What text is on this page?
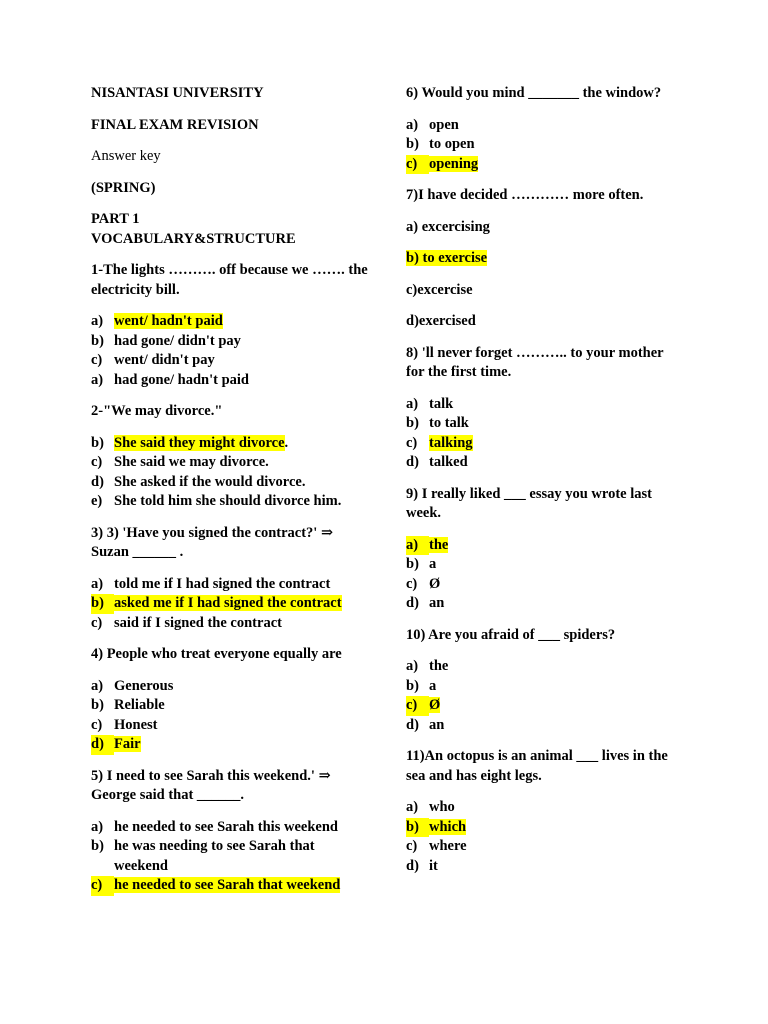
NISANTASI UNIVERSITY
FINAL EXAM REVISION
Answer key
(SPRING)
PART 1
VOCABULARY&STRUCTURE
1-The lights ………. off because we ……. the electricity bill.
a) went/ hadn't paid
b) had gone/ didn't pay
c) went/ didn't pay
a) had gone/ hadn't paid
2-"We may divorce."
b) She said they might divorce.
c) She said we may divorce.
d) She asked if the would divorce.
e) She told him she should divorce him.
3) 3) 'Have you signed the contract?' ⇒ Suzan ______ .
a) told me if I had signed the contract
b) asked me if I had signed the contract
c) said if I signed the contract
4) People who treat everyone equally are
a) Generous
b) Reliable
c) Honest
d) Fair
5) I need to see Sarah this weekend.' ⇒ George said that ______.
a) he needed to see Sarah this weekend
b) he was needing to see Sarah that weekend
c) he needed to see Sarah that weekend
6) Would you mind _______ the window?
a) open
b) to open
c) opening
7)I have decided ………… more often.
a) excercising
b) to exercise
c)excercise
d)exercised
8) 'll never forget ……….. to your mother for the first time.
a) talk
b) to talk
c) talking
d) talked
9) I really liked ___ essay you wrote last week.
a) the
b) a
c) Ø
d) an
10) Are you afraid of ___ spiders?
a) the
b) a
c) Ø
d) an
11)An octopus is an animal ___ lives in the sea and has eight legs.
a) who
b) which
c) where
d) it
